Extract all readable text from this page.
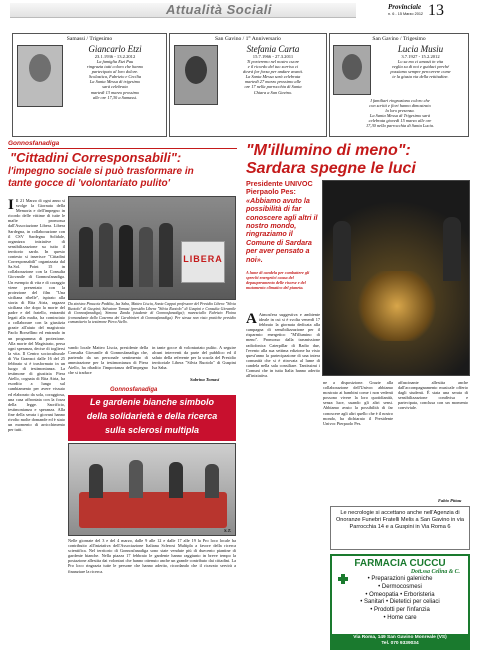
Attualità Sociali	Provinciale
n. 6 - 15 Marzo 2012 13
Samassi / Trigesimo
Giancarlo Etzi
23.1.1936 - 13.2.2012
La famiglia Etzi Pau
ringrazia tutti coloro che hanno
partecipato al loro dolore.
Scolastica, Fabrizio e Cecilia
La Santa Messa di trigesimo
sarà celebrata
martedì 13 marzo prossimo
alle ore 17,30 a Samassi.
San Gavino / 1° Anniversario
Stefania Carta
15.7.1966 - 27.3.2011
Ti porteremo nel nostro cuore
e il ricordo del tuo sorriso ci
dovrà far forza per andare avanti.
La Santa Messa sarà celebrata
martedì 27 marzo prossimo alle
ore 17 nella parrocchia di Santa
Chiara a San Gavino.
San Gavino / Trigesimo
Lucia Musiu
3.7.1927 - 15.2.2012
Lo sa mo ci amasti in vita
veglia su di noi e guidaci perché
possiamo sempre percorrere come
te la giusta via della rettitudine.
I familiari ringraziano coloro che
con scritti e fiori hanno dimostrato
la loro presenza.
La Santa Messa di Trigesimo sarà
celebrata giovedì 15 marzo alle ore
17,30 nella parrocchia di Santa Lucia.
Gonnosfanadiga
"Cittadini Corresponsabili":
l'impegno sociale si può trasformare in
tante gocce di 'volontariato pulito'
I Il 21 Marzo di ogni anno si svolge la Giornata della Memoria e dell'impegno in ricordo delle vittime di tutte le mafie promossa dall'Associazione Libera. Libera Sardegna, in collaborazione con il CSV Sardegna Solidale, organizza iniziative di sensibilizzazione su tutto il territorio sardo. In questo contesto si inserisce "Cittadini Corresponsabili" organizzata dal Sa.Sol. Point 15 in collaborazione con la Consulta Giovanile di Gonnosfanadiga. Un esempio di vita e di coraggio viene presentato con la proiezione del film "Una siciliana ribelle", ispirato alla storia di Rita Atria, ragazza siciliana che dopo la morte del padre e del fratello, entrambi legati alla mafia, ha cominciato a collaborare con la giustizia grazie all'aiuto del magistrato Paolo Borsellino ed entrando in un programma di protezione. Alla morte del Magistrato, persa ogni speranza, decise di togliersi la vita. Il Centro socioculturale di Via Gramsci dalle 16 del 25 febbraio si è trasformato in un luogo di testimonianza. La testimone di giustizia Piera Aiello, cognata di Rita Atria, ha esordito a lungo sul cambiamento per avere vissuto ed elaborato da sola, coraggiosa, una casa affrontata con la forza della legge. Sacrificio, testimonianza e speranza. Alla fine della serata i giovani hanno rivolto molte domande ed è stato un momento di arricchimento per tutti.
LIBERA
Da sinistra Pinuccia Pedditu, Isa Saba, Matteo Liscia, Sonia Cappai professore del Presidio Libera "Silvia Ruotolo" di Guspini; Salvatore Tomasi (presidio Libera "Silvia Ruotolo" di Guspini e Consulta Giovanile di Gonnosfanadiga), Simona Zanda (studente di Gonnosfanadiga); maresciallo Fabrizio Floina (comandante della Caserma dei Carabinieri di Gonnosfanadiga). Per stessa non visto pratiche presidio comunitario la testimone Piera Aiello.
vando locale Matteo Liscia, presidente della Consulta Giovanile di Gonnosfanadiga che, partendo da un personale sentimento di ammirazione per la testimonianza di Piera Aiello, ha ribadito l'importanza dell'impegno che si traduce
in tante gocce di volontariato pulito. A seguire alcuni interventi da parte del pubblico ed il saluto della referente per la scuola del Presidio territoriale Libera "Silvia Ruotolo" di Guspini Isa Saba.
Sabrina Tomasi
Gonnosfanadiga
Le gardenie bianche simbolo
della solidarietà e della ricerca
sulla sclerosi multipla
Nelle giornate del 3 e del 4 marzo, dalle 9 alle 12 e dalle 17 alle 19 la Pro loco locale ha contribuito all'iniziativa dell'Associazione Italiana Sclerosi Multipla a favore della ricerca scientifica. Nel territorio di Gonnosfanadiga sono state vendute più di duecento piantine di gardenie bianche. Nella piazza 17 febbraio le gardenie hanno raggiunto in breve tempo la postazione allestita dai volontari che hanno ottenuto anche un grande contributo dai cittadini. La Pro loco ringrazia tutte le persone che hanno aderito, ricordando che il ricavato servirà a finanziare la ricerca.
S.T.
"M'illumino di meno":
Sardara spegne le luci
Presidente UNIVOC Pierpaolo Pes:
«Abbiamo avuto la possibilità di far conoscere agli altri il nostro mondo, ringraziamo il Comune di Sardara per aver pensato a noi».
A lume di candela per combattere gli sprechi energetici causa del depauperamento delle risorse e del mutamento climatico del pianeta.
A Atmosfera suggestiva e ambiente ideale in cui si è svolta venerdì 17 febbraio la giornata dedicata alla campagna di sensibilizzazione per il risparmio energetico "M'illumino di meno". Promosso dalla trasmissione radiofonica Caterpillar di Radio due, l'evento alla sua settima edizione ha visto quest'anno la partecipazione di una intera comunità che si è ritrovata al lume di candela nella sala consiliare. Tantissimi i Comuni che in tutta Italia hanno aderito all'iniziativa.
ne a disposizione. Grazie alla collaborazione dell'Univoc abbiamo mostrato ai bambini come i non vedenti possono vivere la loro quotidianità, senza luce, usando gli altri sensi. Abbiamo avuto la possibilità di far conoscere agli altri quello che è il nostro mondo, ha dichiarato il Presidente Univoc Pierpaolo Pes.
affascinante allestita anche dall'accompagnamento musicale offerto dagli studenti. È stata una serata di sensibilizzazione condivisa e partecipata, conclusa con un momento conviviale.
Fabio Pittau
Le necrologie si accettano anche nell'Agenzia di Onoranze Funebri Fratelli Melis a San Gavino in via Parrocchia 14 e a Guspini in Via Roma 6
FARMACIA CUCCU
Dott.ssa Celina & C.
• Preparazioni galeniche
• Dermocosmesi
• Omeopatia • Erboristeria
• Sanitari • Dietetici per celiaci
• Prodotti per l'infanzia
• Home care
Via Roma, 149 San Gavino Monreale (VS)
Tel. 070 9339034
